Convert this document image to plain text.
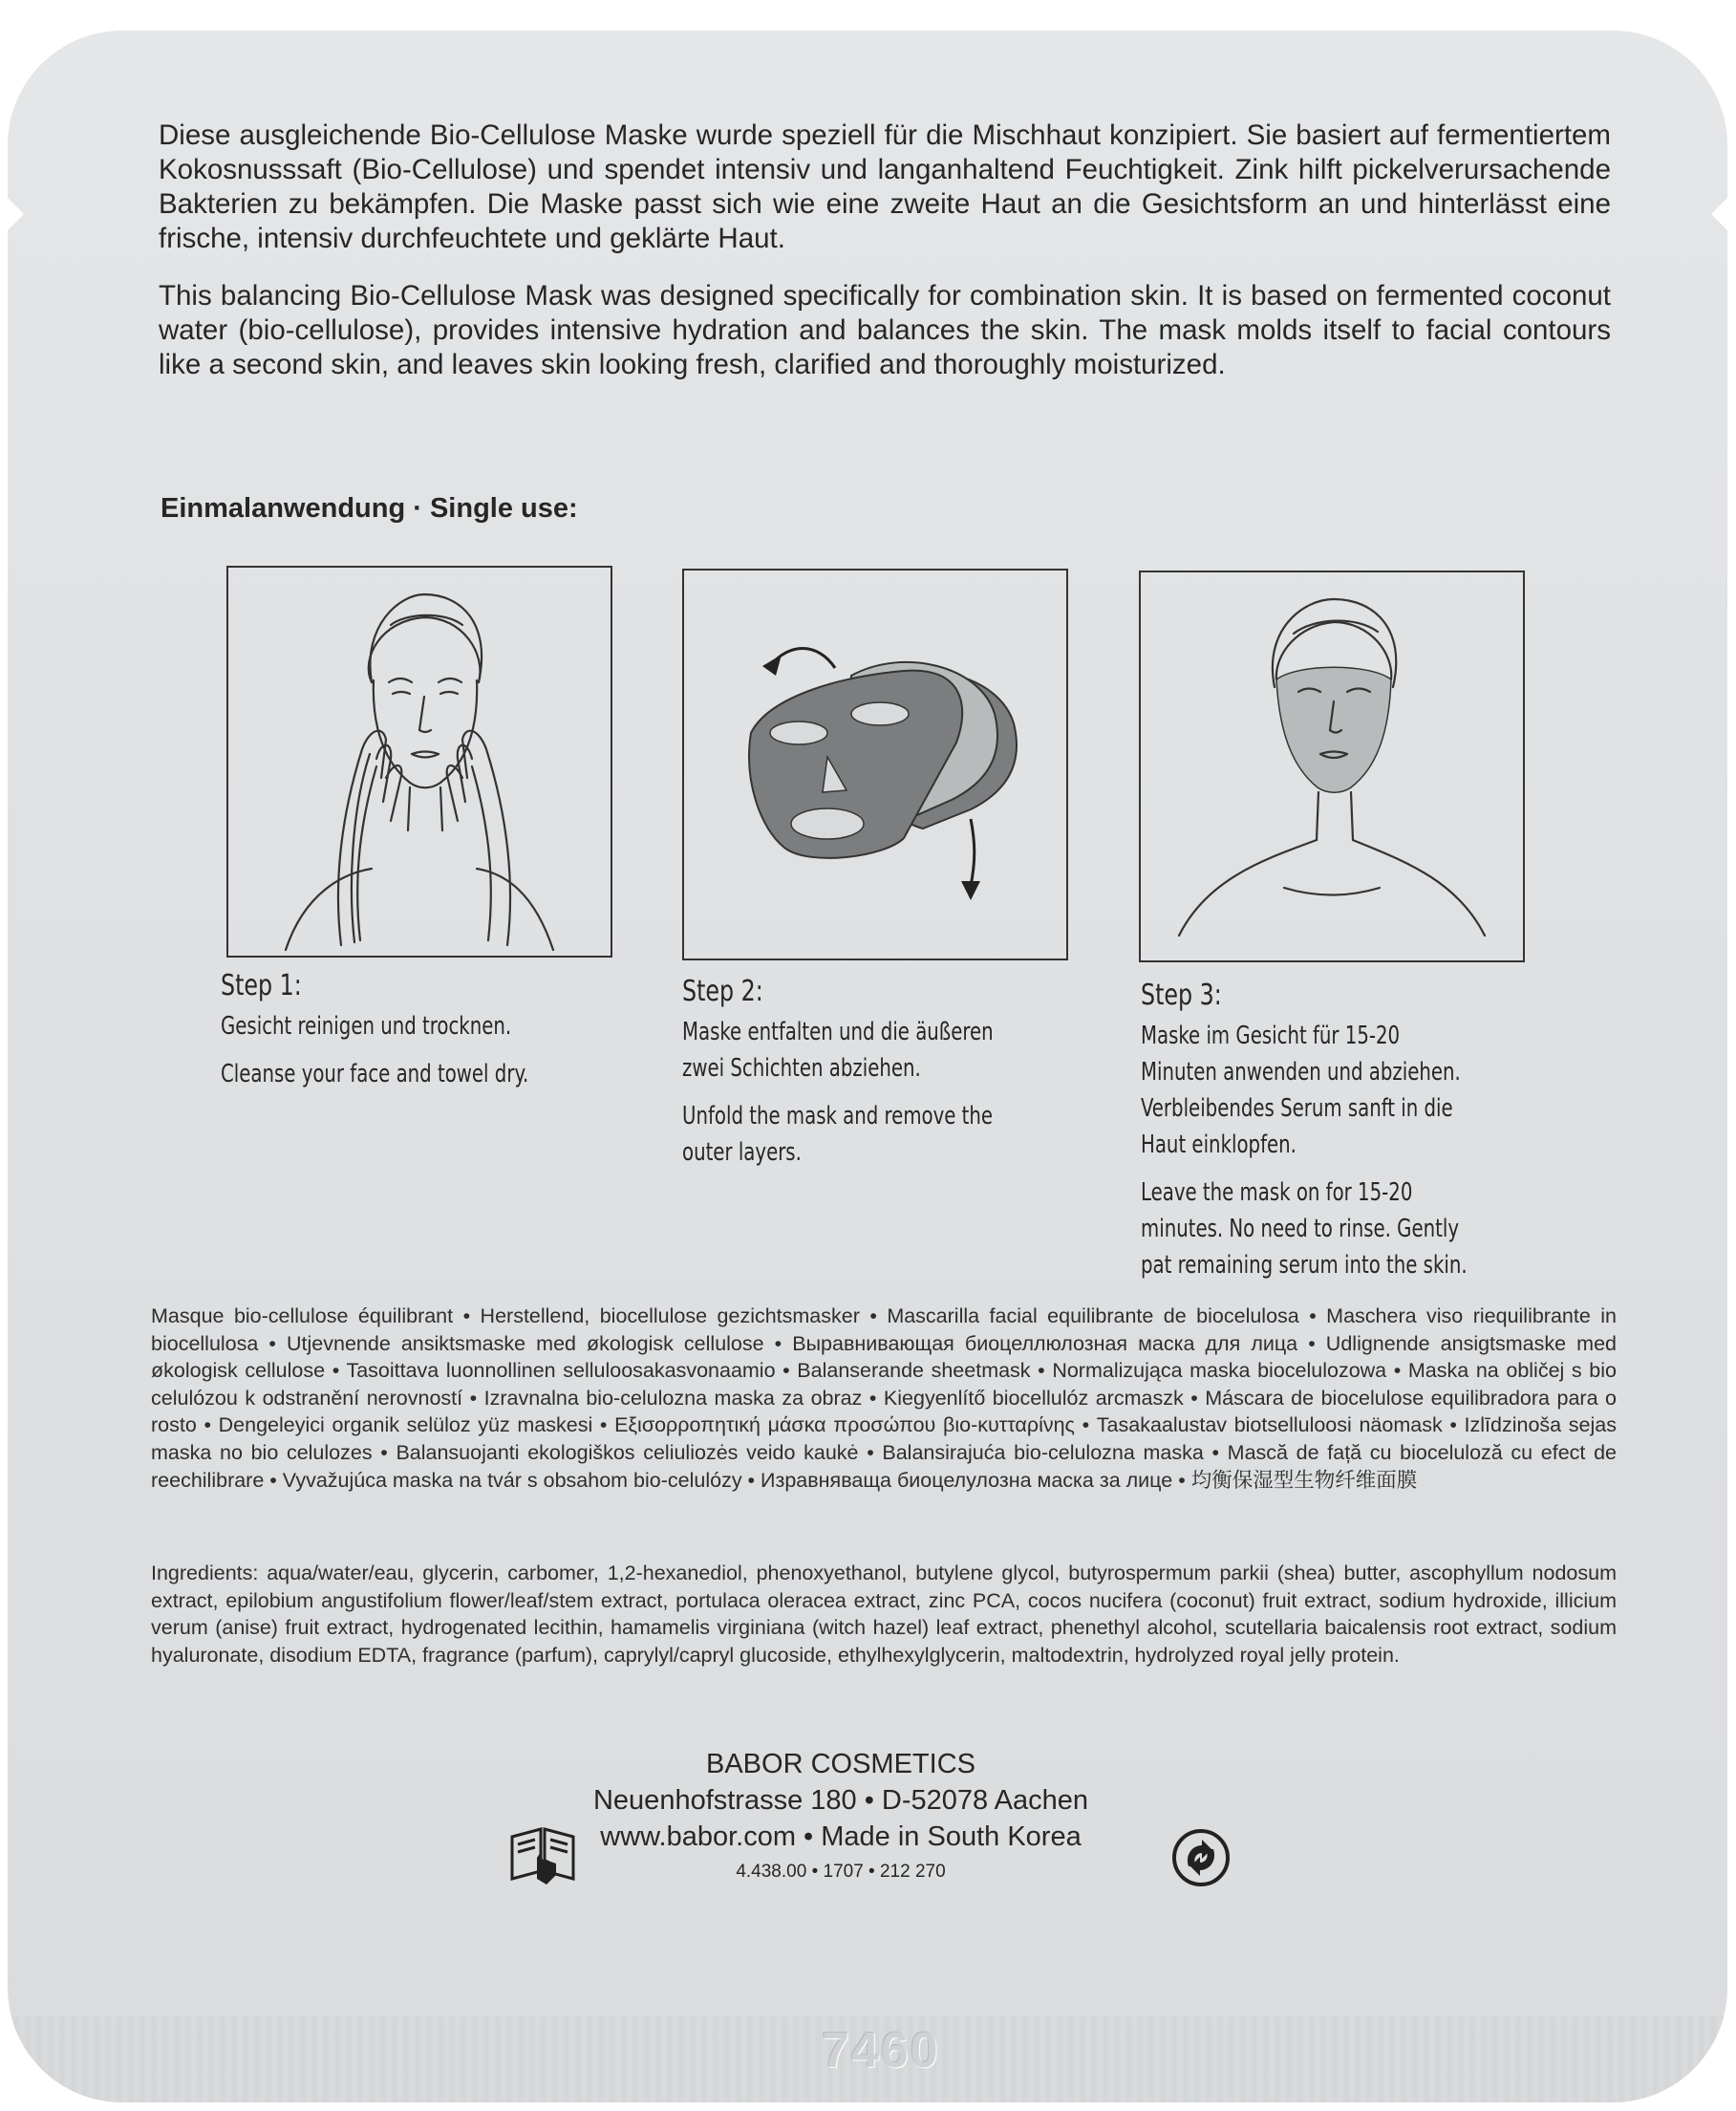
7460

Diese ausgleichende Bio-Cellulose Maske wurde speziell für die Mischhaut konzipiert. Sie basiert auf fermentiertem Kokosnusssaft (Bio-Cellulose) und spendet intensiv und langanhaltend Feuchtigkeit. Zink hilft pickelverursachende Bakterien zu bekämpfen. Die Maske passt sich wie eine zweite Haut an die Gesichtsform an und hinterlässt eine frische, intensiv durchfeuchtete und geklärte Haut.

This balancing Bio-Cellulose Mask was designed specifically for combination skin. It is based on fermented coconut water (bio-cellulose), provides intensive hydration and balances the skin. The mask molds itself to facial contours like a second skin, and leaves skin looking fresh, clarified and thoroughly moisturized.

Einmalanwendung · Single use:

Step 1:

Gesicht reinigen und trocknen.

Cleanse your face and towel dry.

Step 2:

Maske entfalten und die äußeren

zwei Schichten abziehen.

Unfold the mask and remove the

outer layers.

Step 3:

Maske im Gesicht für 15-20

Minuten anwenden und abziehen.

Verbleibendes Serum sanft in die

Haut einklopfen.

Leave the mask on for 15-20

minutes. No need to rinse. Gently

pat remaining serum into the skin.

Masque bio-cellulose équilibrant • Herstellend, biocellulose gezichtsmasker • Mascarilla facial equilibrante de biocelulosa • Maschera viso riequilibrante in biocellulosa • Utjevnende ansiktsmaske med økologisk cellulose • Выравнивающая биоцеллюлозная маска для лица • Udlignende ansigtsmaske med økologisk cellulose • Tasoittava luonnollinen selluloosakasvonaamio • Balanserande sheetmask • Normalizująca maska biocelulozowa • Maska na obličej s bio celulózou k odstranění nerovností • Izravnalna bio-celulozna maska za obraz • Kiegyenlítő biocellulóz arcmaszk • Máscara de biocelulose equilibradora para o rosto • Dengeleyici organik selüloz yüz maskesi • Εξισορροπητική μάσκα προσώπου βιο-κυτταρίνης • Tasakaalustav biotselluloosi näomask • Izlīdzinoša sejas maska no bio celulozes • Balansuojanti ekologiškos celiuliozės veido kaukė • Balansirajuća bio-celulozna maska • Mască de față cu bioceluloză cu efect de reechilibrare • Vyvažujúca maska na tvár s obsahom bio-celulózy • Изравняваща биоцелулозна маска за лице • 均衡保湿型生物纤维面膜

Ingredients: aqua/water/eau, glycerin, carbomer, 1,2-hexanediol, phenoxyethanol, butylene glycol, butyrospermum parkii (shea) butter, ascophyllum nodosum extract, epilobium angustifolium flower/leaf/stem extract, portulaca oleracea extract, zinc PCA, cocos nucifera (coconut) fruit extract, sodium hydroxide, illicium verum (anise) fruit extract, hydrogenated lecithin, hamamelis virginiana (witch hazel) leaf extract, phenethyl alcohol, scutellaria baicalensis root extract, sodium hyaluronate, disodium EDTA, fragrance (parfum), caprylyl/capryl glucoside, ethylhexylglycerin, maltodextrin, hydrolyzed royal jelly protein.

BABOR COSMETICS
Neuenhofstrasse 180 • D-52078 Aachen
www.babor.com • Made in South Korea
4.438.00 • 1707 • 212 270
